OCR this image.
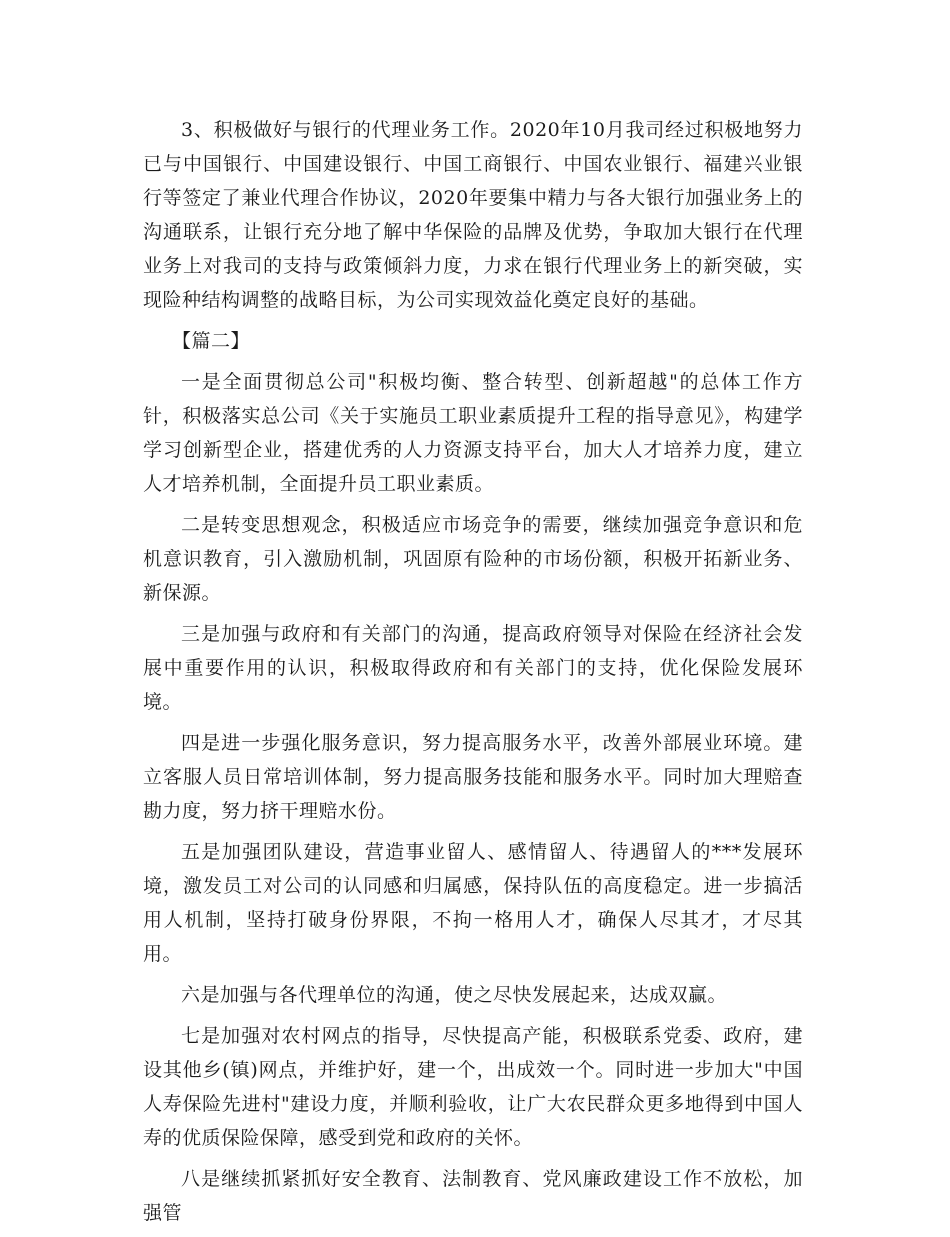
3、积极做好与银行的代理业务工作。2020年10月我司经过积极地努力已与中国银行、中国建设银行、中国工商银行、中国农业银行、福建兴业银行等签定了兼业代理合作协议，2020年要集中精力与各大银行加强业务上的沟通联系，让银行充分地了解中华保险的品牌及优势，争取加大银行在代理业务上对我司的支持与政策倾斜力度，力求在银行代理业务上的新突破，实现险种结构调整的战略目标，为公司实现效益化奠定良好的基础。

【篇二】

一是全面贯彻总公司"积极均衡、整合转型、创新超越"的总体工作方针，积极落实总公司《关于实施员工职业素质提升工程的指导意见》，构建学学习创新型企业，搭建优秀的人力资源支持平台，加大人才培养力度，建立人才培养机制，全面提升员工职业素质。

二是转变思想观念，积极适应市场竞争的需要，继续加强竞争意识和危机意识教育，引入激励机制，巩固原有险种的市场份额，积极开拓新业务、新保源。

三是加强与政府和有关部门的沟通，提高政府领导对保险在经济社会发展中重要作用的认识，积极取得政府和有关部门的支持，优化保险发展环境。

四是进一步强化服务意识，努力提高服务水平，改善外部展业环境。建立客服人员日常培训体制，努力提高服务技能和服务水平。同时加大理赔查勘力度，努力挤干理赔水份。

五是加强团队建设，营造事业留人、感情留人、待遇留人的***发展环境，激发员工对公司的认同感和归属感，保持队伍的高度稳定。进一步搞活用人机制，坚持打破身份界限，不拘一格用人才，确保人尽其才，才尽其用。

六是加强与各代理单位的沟通，使之尽快发展起来，达成双赢。

七是加强对农村网点的指导，尽快提高产能，积极联系党委、政府，建设其他乡(镇)网点，并维护好，建一个，出成效一个。同时进一步加大"中国人寿保险先进村"建设力度，并顺利验收，让广大农民群众更多地得到中国人寿的优质保险保障，感受到党和政府的关怀。

八是继续抓紧抓好安全教育、法制教育、党风廉政建设工作不放松，加强管
